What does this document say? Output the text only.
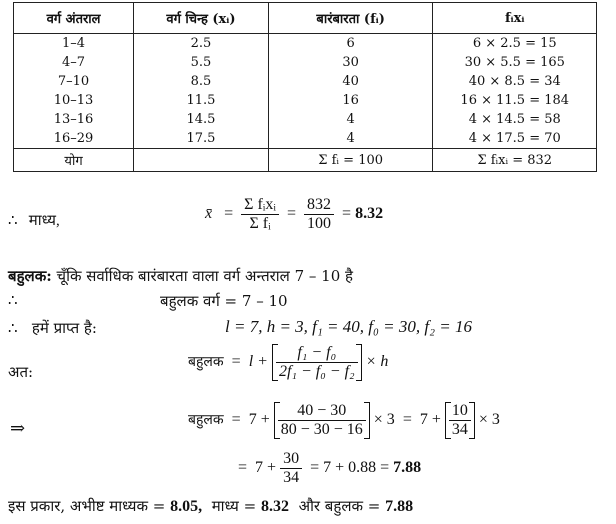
वर्ग अंतराल	वर्ग चिन्ह (xᵢ)	बारंबारता (fᵢ)	fᵢxᵢ
1–4	2.5	6	6 × 2.5 = 15
4–7	5.5	30	30 × 5.5 = 165
7–10	8.5	40	40 × 8.5 = 34
10–13	11.5	16	16 × 11.5 = 184
13–16	14.5	4	4 × 14.5 = 58
16–29	17.5	4	4 × 17.5 = 70
योग		Σ fᵢ = 100	Σ fᵢxᵢ = 832
∴ माध्य,	x̄ = $\frac{\text{Σ fᵢxᵢ}}{\text{Σ fᵢ}} = \frac{832}{100} = 8.32$
बहुलक: चूँकि सर्वाधिक बारंबारता वाला वर्ग अन्तराल 7 – 10 है
∴	बहुलक वर्ग = 7 – 10
∴ हमें प्राप्त है:	l = 7, h = 3, f₁ = 40, f₀ = 30, f₂ = 16
अत:
बहुलक = $l + \frac{\text{f₁ − f₀}}{\text{2f₁ − f₀ − f₂}} \times h$
⇒	बहुलक = $7 + \frac{40 - 30}{80 - 30 - 16} \times 3 = 7 + \frac{10}{34} \times 3$
= $7 + \frac{30}{34} = 7 + 0.88 = 7.88$
इस प्रकार, अभीष्ट माध्यक = 8.05, माध्य = 8.32 और बहुलक = 7.88
